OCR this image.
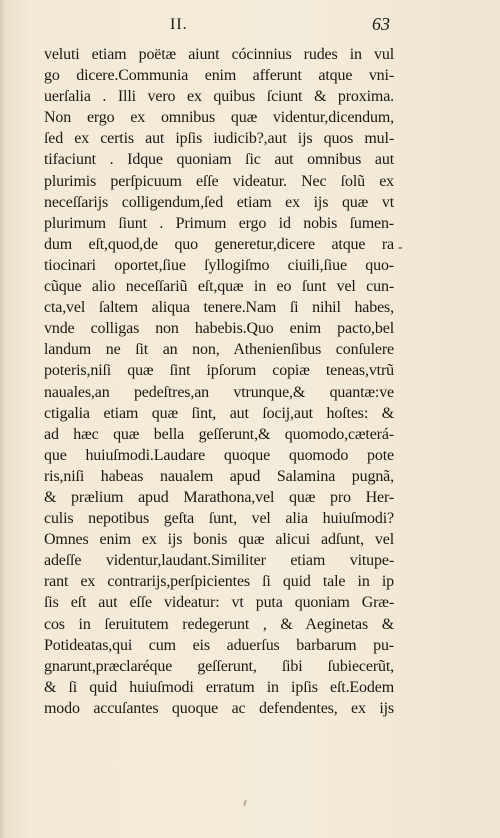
II.	63
veluti etiam poëtæ aiunt cócinnius rudes in vul
go dicere.Communia enim afferunt atque vni-
uerſalia . Illi vero ex quibus ſciunt & proxima.
Non ergo ex omnibus quæ videntur,dicendum,
ſed ex certis aut ipſis iudicib?,aut ijs quos mul-
tifaciunt . Idque quoniam ſic aut omnibus aut
plurimis perſpicuum eſſe videatur. Nec ſolũ ex
neceſſarijs colligendum,ſed etiam ex ijs quæ vt
plurimum ſiunt . Primum ergo id nobis ſumen-
dum eſt,quod,de quo generetur,dicere atque ra
tiocinari oportet,ſiue ſyllogiſmo ciuili,ſiue quo-
cũque alio neceſſariũ eſt,quæ in eo ſunt vel cun-
cta,vel ſaltem aliqua tenere.Nam ſi nihil habes,
vnde colligas non habebis.Quo enim pacto,bel
landum ne ſit an non, Athenienſibus conſulere
poteris,niſi quæ ſint ipſorum copiæ teneas,vtrũ
nauales,an pedeſtres,an vtrunque,& quantæ:ve
ctigalia etiam quæ ſint, aut ſocij,aut hoſtes: &
ad hæc quæ bella geſſerunt,& quomodo,cæterá-
que huiuſmodi.Laudare quoque quomodo pote
ris,niſi habeas naualem apud Salamina pugnã,
& prælium apud Marathona,vel quæ pro Her-
culis nepotibus geſta ſunt, vel alia huiuſmodi?
Omnes enim ex ijs bonis quæ alicui adſunt, vel
adeſſe videntur,laudant.Similiter etiam vitupe-
rant ex contrarijs,perſpicientes ſi quid tale in ip
ſis eſt aut eſſe videatur: vt puta quoniam Græ-
cos in ſeruitutem redegerunt , & Aeginetas &
Potideatas,qui cum eis aduerſus barbarum pu-
gnarunt,præclaréque geſſerunt, ſibi ſubiecerũt,
& ſi quid huiuſmodi erratum in ipſis eſt.Eodem
modo accuſantes quoque ac defendentes, ex ijs
-
